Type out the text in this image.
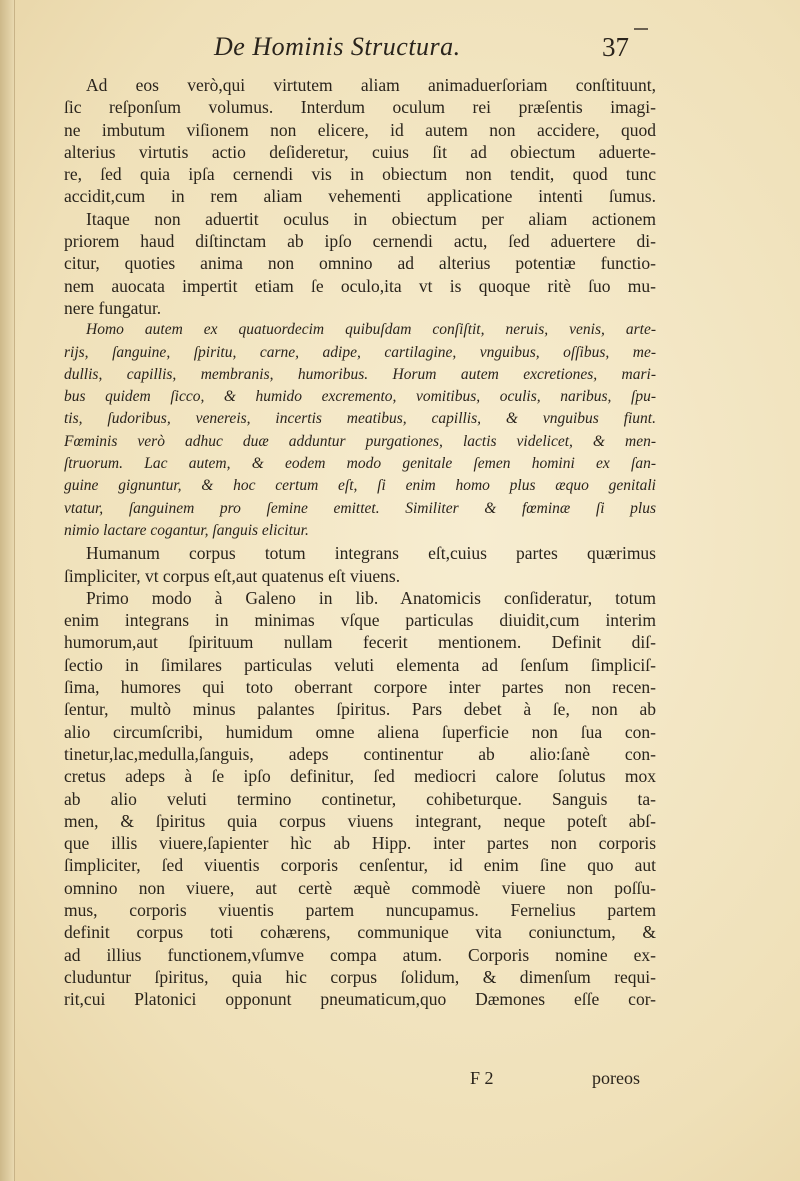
De Hominis Structura.	37
Ad eos verò,qui virtutem aliam animaduerſoriam conſtituunt,
ſic reſponſum volumus. Interdum oculum rei præſentis imagi-
ne imbutum viſionem non elicere, id autem non accidere, quod
alterius virtutis actio deſideretur, cuius ſit ad obiectum aduerte-
re, ſed quia ipſa cernendi vis in obiectum non tendit, quod tunc
accidit,cum in rem aliam vehementi applicatione intenti ſumus.
Itaque non aduertit oculus in obiectum per aliam actionem
priorem haud diſtinctam ab ipſo cernendi actu, ſed aduertere di-
citur, quoties anima non omnino ad alterius potentiæ functio-
nem auocata impertit etiam ſe oculo,ita vt is quoque ritè ſuo mu-
nere fungatur.
Homo autem ex quatuordecim quibuſdam conſiſtit, neruis, venis, arte-
rijs, ſanguine, ſpiritu, carne, adipe, cartilagine, vnguibus, oſſibus, me-
dullis, capillis, membranis, humoribus. Horum autem excretiones, mari-
bus quidem ſicco, & humido excremento, vomitibus, oculis, naribus, ſpu-
tis, ſudoribus, venereis, incertis meatibus, capillis, & vnguibus fiunt.
Fœminis verò adhuc duæ adduntur purgationes, lactis videlicet, & men-
ſtruorum. Lac autem, & eodem modo genitale ſemen homini ex ſan-
guine gignuntur, & hoc certum eſt, ſi enim homo plus æquo genitali
vtatur, ſanguinem pro ſemine emittet. Similiter & fœminæ ſi plus
nimio lactare cogantur, ſanguis elicitur.
Humanum corpus totum integrans eſt,cuius partes quærimus
ſimpliciter, vt corpus eſt,aut quatenus eſt viuens.
Primo modo à Galeno in lib. Anatomicis conſideratur, totum
enim integrans in minimas vſque particulas diuidit,cum interim
humorum,aut ſpirituum nullam fecerit mentionem. Definit diſ-
ſectio in ſimilares particulas veluti elementa ad ſenſum ſimpliciſ-
ſima, humores qui toto oberrant corpore inter partes non recen-
ſentur, multò minus palantes ſpiritus. Pars debet à ſe, non ab
alio circumſcribi, humidum omne aliena ſuperficie non ſua con-
tinetur,lac,medulla,ſanguis, adeps continentur ab alio:ſanè con-
cretus adeps à ſe ipſo definitur, ſed mediocri calore ſolutus mox
ab alio veluti termino continetur, cohibeturque. Sanguis ta-
men, & ſpiritus quia corpus viuens integrant, neque poteſt abſ-
que illis viuere,ſapienter hìc ab Hipp. inter partes non corporis
ſimpliciter, ſed viuentis corporis cenſentur, id enim ſine quo aut
omnino non viuere, aut certè æquè commodè viuere non poſſu-
mus, corporis viuentis partem nuncupamus. Fernelius partem
definit corpus toti cohærens, communique vita coniunctum, &
ad illius functionem,vſumve compa atum. Corporis nomine ex-
cluduntur ſpiritus, quia hic corpus ſolidum, & dimenſum requi-
rit,cui Platonici opponunt pneumaticum,quo Dæmones eſſe cor-
F 2	poreos
